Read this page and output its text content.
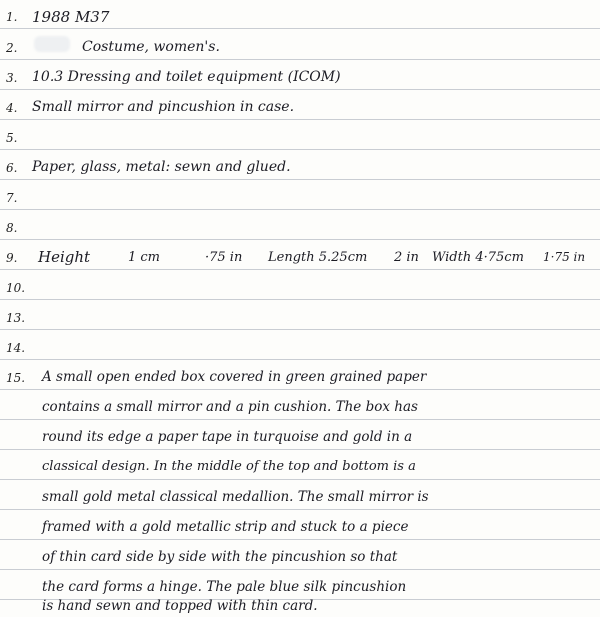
1.
2.
3.
4.
5.
6.
7.
8.
9.
10.
13.
14.
15.
1988 M37
Costume, women's.
10.3 Dressing and toilet equipment (ICOM)
Small mirror and pincushion in case.
Paper, glass, metal: sewn and glued.
Height	1 cm	·75 in Length 5.25cm 2 in Width 4·75cm 1·75 in
A small open ended box covered in green grained paper
contains a small mirror and a pin cushion. The box has
round its edge a paper tape in turquoise and gold in a
classical design. In the middle of the top and bottom is a
small gold metal classical medallion. The small mirror is
framed with a gold metallic strip and stuck to a piece
of thin card side by side with the pincushion so that
the card forms a hinge. The pale blue silk pincushion
is hand sewn and topped with thin card.
